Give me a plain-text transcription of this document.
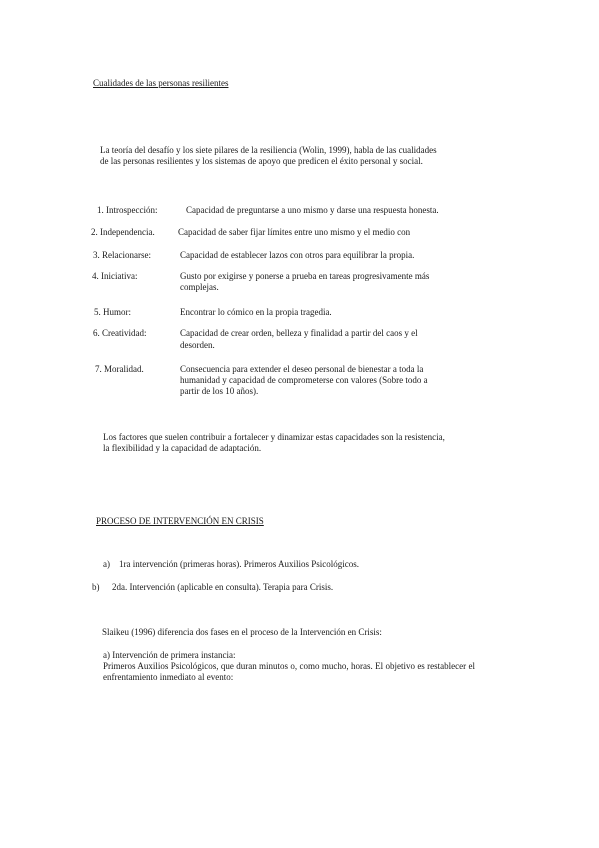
Cualidades de las personas resilientes
La teoría del desafío y los siete pilares de la resiliencia (Wolin, 1999), habla de las cualidades
de las personas resilientes y los sistemas de apoyo que predicen el éxito personal y social.
1. Introspección:	Capacidad de preguntarse a uno mismo y darse una respuesta honesta.
2. Independencia.	Capacidad de saber fijar límites entre uno mismo y el medio con
3. Relacionarse:	Capacidad de establecer lazos con otros para equilibrar la propia.
4. Iniciativa:	Gusto por exigirse y ponerse a prueba en tareas progresivamente más
complejas.
5. Humor:	Encontrar lo cómico en la propia tragedia.
6. Creatividad:	Capacidad de crear orden, belleza y finalidad a partir del caos y el
desorden.
7. Moralidad.	Consecuencia para extender el deseo personal de bienestar a toda la
humanidad y capacidad de comprometerse con valores (Sobre todo a
partir de los 10 años).
Los factores que suelen contribuir a fortalecer y dinamizar estas capacidades son la resistencia,
la flexibilidad y la capacidad de adaptación.
PROCESO DE INTERVENCIÓN EN CRISIS
a) 1ra intervención (primeras horas). Primeros Auxilios Psicológicos.
b) 2da. Intervención (aplicable en consulta). Terapia para Crisis.
Slaikeu (1996) diferencia dos fases en el proceso de la Intervención en Crisis:
a) Intervención de primera instancia:
Primeros Auxilios Psicológicos, que duran minutos o, como mucho, horas. El objetivo es restablecer el enfrentamiento inmediato al evento:
